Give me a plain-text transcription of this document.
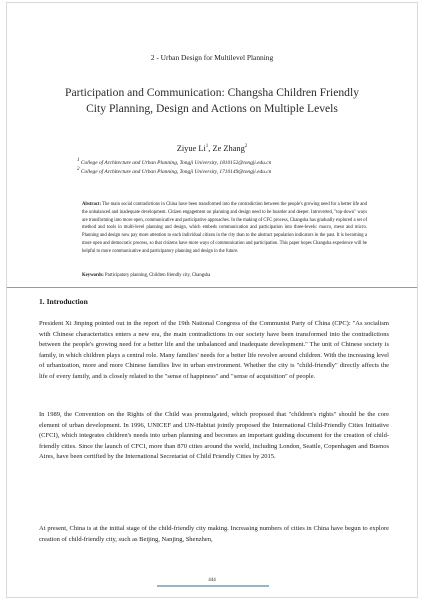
2 - Urban Design for Multilevel Planning
Participation and Communication: Changsha Children Friendly City Planning, Design and Actions on Multiple Levels
Ziyue Li$^1$, Ze Zhang$^2$
$^1$ College of Architecture and Urban Planning, Tongji University, 1810152@tongji.edu.cn
$^2$ College of Architecture and Urban Planning, Tongji University, 1710149@tongji.edu.cn
Abstract: The main social contradictions in China have been transformed into the contradiction between the people's growing need for a better life and the unbalanced and inadequate development. Citizen engagement on planning and design need to be boarder and deeper. Introverted, "top-down" ways are transforming into more open, communicative and participative approaches. In the making of CFC process, Changsha has gradually explored a set of method and tools in multi-level planning and design, which embeds communication and participation into three-levels: macro, meso and micro. Planning and design now pay more attention to each individual citizen in the city than to the abstract population indicators in the past. It is becoming a more open and democratic process, so that citizens have more ways of communication and participation. This paper hopes Changsha experience will be helpful to more communicative and participatory planning and design in the future.
Keywords: Participatory planning, Children friendly city, Changsha
1. Introduction
President Xi Jinping pointed out in the report of the 19th National Congress of the Communist Party of China (CPC): "As socialism with Chinese characteristics enters a new era, the main contradictions in our society have been transformed into the contradictions between the people's growing need for a better life and the unbalanced and inadequate development." The unit of Chinese society is family, in which children plays a central role. Many families' needs for a better life revolve around children. With the increasing level of urbanization, more and more Chinese families live in urban environment. Whether the city is "child-friendly" directly affects the life of every family, and is closely related to the "sense of happiness" and "sense of acquisition" of people.
In 1989, the Convention on the Rights of the Child was promulgated, which proposed that "children's rights" should be the core element of urban development. In 1996, UNICEF and UN-Habitat jointly proposed the International Child-Friendly Cities Initiative (CFCI), which integrates children's needs into urban planning and becomes an important guiding document for the creation of child-friendly cities. Since the launch of CFCI, more than 870 cities around the world, including London, Seattle, Copenhagen and Buenos Aires, have been certified by the International Secretariat of Child Friendly Cities by 2015.
At present, China is at the initial stage of the child-friendly city making. Increasing numbers of cities in China have begun to explore creation of child-friendly city, such as Beijing, Nanjing, Shenzhen,
444
